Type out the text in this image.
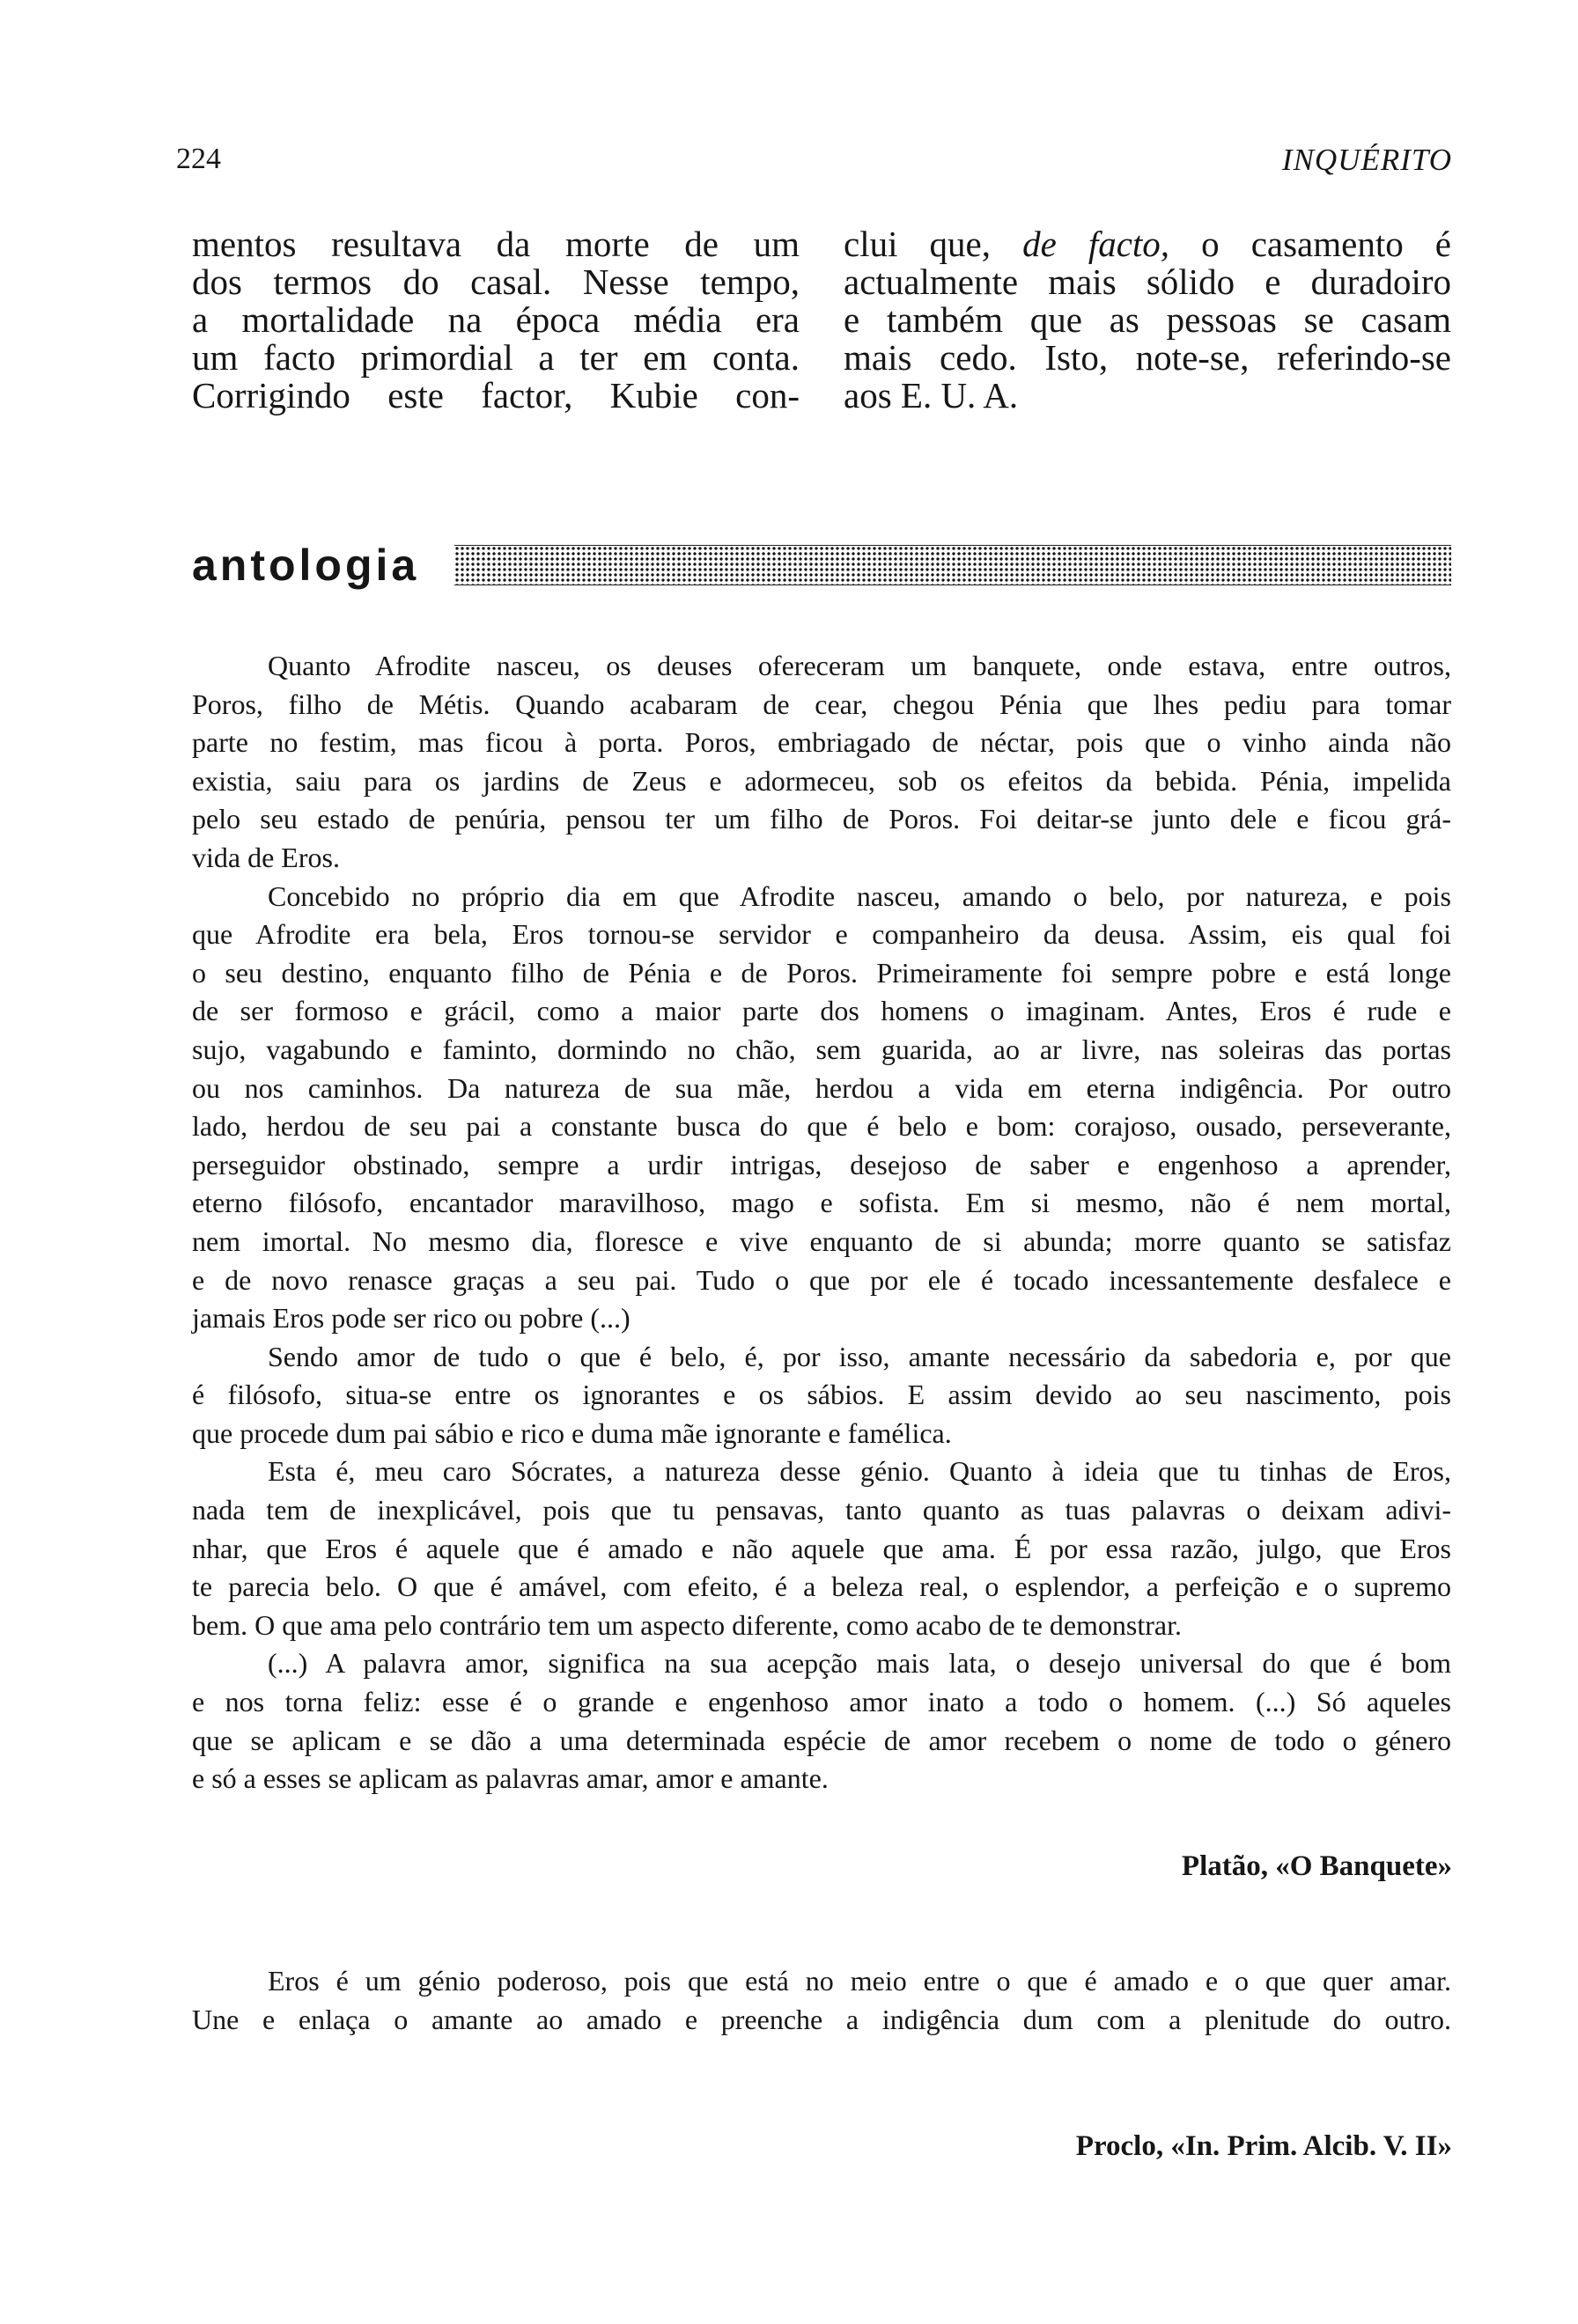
224	INQUÉRITO
mentos resultava da morte de um
dos termos do casal. Nesse tempo,
a mortalidade na época média era
um facto primordial a ter em conta.
Corrigindo este factor, Kubie con-
clui que, de facto, o casamento é
actualmente mais sólido e duradoiro
e também que as pessoas se casam
mais cedo. Isto, note-se, referindo-se
aos E. U. A.
antologia

Quanto Afrodite nasceu, os deuses ofereceram um banquete, onde estava, entre outros,
Poros, filho de Métis. Quando acabaram de cear, chegou Pénia que lhes pediu para tomar
parte no festim, mas ficou à porta. Poros, embriagado de néctar, pois que o vinho ainda não
existia, saiu para os jardins de Zeus e adormeceu, sob os efeitos da bebida. Pénia, impelida
pelo seu estado de penúria, pensou ter um filho de Poros. Foi deitar-se junto dele e ficou grá-
vida de Eros.

Concebido no próprio dia em que Afrodite nasceu, amando o belo, por natureza, e pois
que Afrodite era bela, Eros tornou-se servidor e companheiro da deusa. Assim, eis qual foi
o seu destino, enquanto filho de Pénia e de Poros. Primeiramente foi sempre pobre e está longe
de ser formoso e grácil, como a maior parte dos homens o imaginam. Antes, Eros é rude e
sujo, vagabundo e faminto, dormindo no chão, sem guarida, ao ar livre, nas soleiras das portas
ou nos caminhos. Da natureza de sua mãe, herdou a vida em eterna indigência. Por outro
lado, herdou de seu pai a constante busca do que é belo e bom: corajoso, ousado, perseverante,
perseguidor obstinado, sempre a urdir intrigas, desejoso de saber e engenhoso a aprender,
eterno filósofo, encantador maravilhoso, mago e sofista. Em si mesmo, não é nem mortal,
nem imortal. No mesmo dia, floresce e vive enquanto de si abunda; morre quanto se satisfaz
e de novo renasce graças a seu pai. Tudo o que por ele é tocado incessantemente desfalece e
jamais Eros pode ser rico ou pobre (...)

Sendo amor de tudo o que é belo, é, por isso, amante necessário da sabedoria e, por que
é filósofo, situa-se entre os ignorantes e os sábios. E assim devido ao seu nascimento, pois
que procede dum pai sábio e rico e duma mãe ignorante e famélica.

Esta é, meu caro Sócrates, a natureza desse génio. Quanto à ideia que tu tinhas de Eros,
nada tem de inexplicável, pois que tu pensavas, tanto quanto as tuas palavras o deixam adivi-
nhar, que Eros é aquele que é amado e não aquele que ama. É por essa razão, julgo, que Eros
te parecia belo. O que é amável, com efeito, é a beleza real, o esplendor, a perfeição e o supremo
bem. O que ama pelo contrário tem um aspecto diferente, como acabo de te demonstrar.

(...) A palavra amor, significa na sua acepção mais lata, o desejo universal do que é bom
e nos torna feliz: esse é o grande e engenhoso amor inato a todo o homem. (...) Só aqueles
que se aplicam e se dão a uma determinada espécie de amor recebem o nome de todo o género
e só a esses se aplicam as palavras amar, amor e amante.

Platão, «O Banquete»

Eros é um génio poderoso, pois que está no meio entre o que é amado e o que quer amar.
Une e enlaça o amante ao amado e preenche a indigência dum com a plenitude do outro.

Proclo, «In. Prim. Alcib. V. II»
